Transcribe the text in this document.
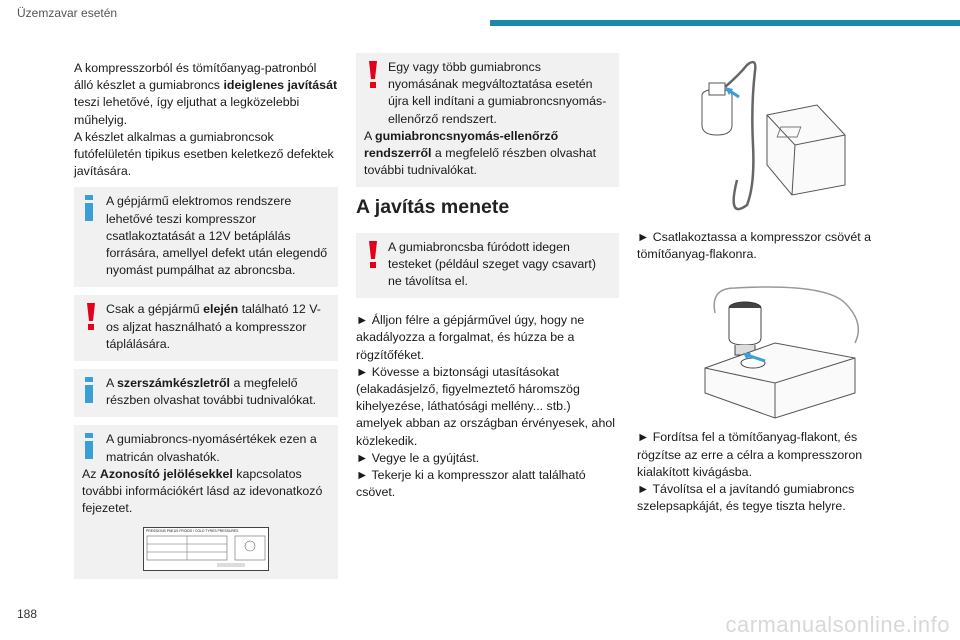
Üzemzavar esetén

A kompresszorból és tömítőanyag-patronból álló készlet a gumiabroncs ideiglenes javítását teszi lehetővé, így eljuthat a legközelebbi műhelyig.
A készlet alkalmas a gumiabroncsok futófelületén tipikus esetben keletkező defektek javítására.

A gépjármű elektromos rendszere lehetővé teszi kompresszor csatlakoztatását a 12V betáplálás forrására, amellyel defekt után elegendő nyomást pumpálhat az abroncsba.
Csak a gépjármű elején található 12 V-os aljzat használható a kompresszor táplálására.
A szerszámkészletről a megfelelő részben olvashat további tudnivalókat.
A gumiabroncs-nyomásértékek ezen a matricán olvashatók.
Az Azonosító jelölésekkel kapcsolatos további információkért lásd az idevonatkozó fejezetet.
PRESSIONS PNEUS FROIDS / COLD TYRES PRESSURES
Egy vagy több gumiabroncs nyomásának megváltoztatása esetén újra kell indítani a gumiabroncsnyomás-ellenőrző rendszert.
A gumiabroncsnyomás-ellenőrző rendszerről a megfelelő részben olvashat további tudnivalókat.
A javítás menete
A gumiabroncsba fúródott idegen testeket (például szeget vagy csavart) ne távolítsa el.

► Álljon félre a gépjárművel úgy, hogy ne akadályozza a forgalmat, és húzza be a rögzítőféket.

► Kövesse a biztonsági utasításokat (elakadásjelző, figyelmeztető háromszög kihelyezése, láthatósági mellény... stb.) amelyek abban az országban érvényesek, ahol közlekedik.

► Vegye le a gyújtást.

► Tekerje ki a kompresszor alatt található csövet.

► Csatlakoztassa a kompresszor csövét a tömítőanyag-flakonra.

► Fordítsa fel a tömítőanyag-flakont, és rögzítse az erre a célra a kompresszoron kialakított kivágásba.

► Távolítsa el a javítandó gumiabroncs szelepsapkáját, és tegye tiszta helyre.

188	carmanualsonline.info
